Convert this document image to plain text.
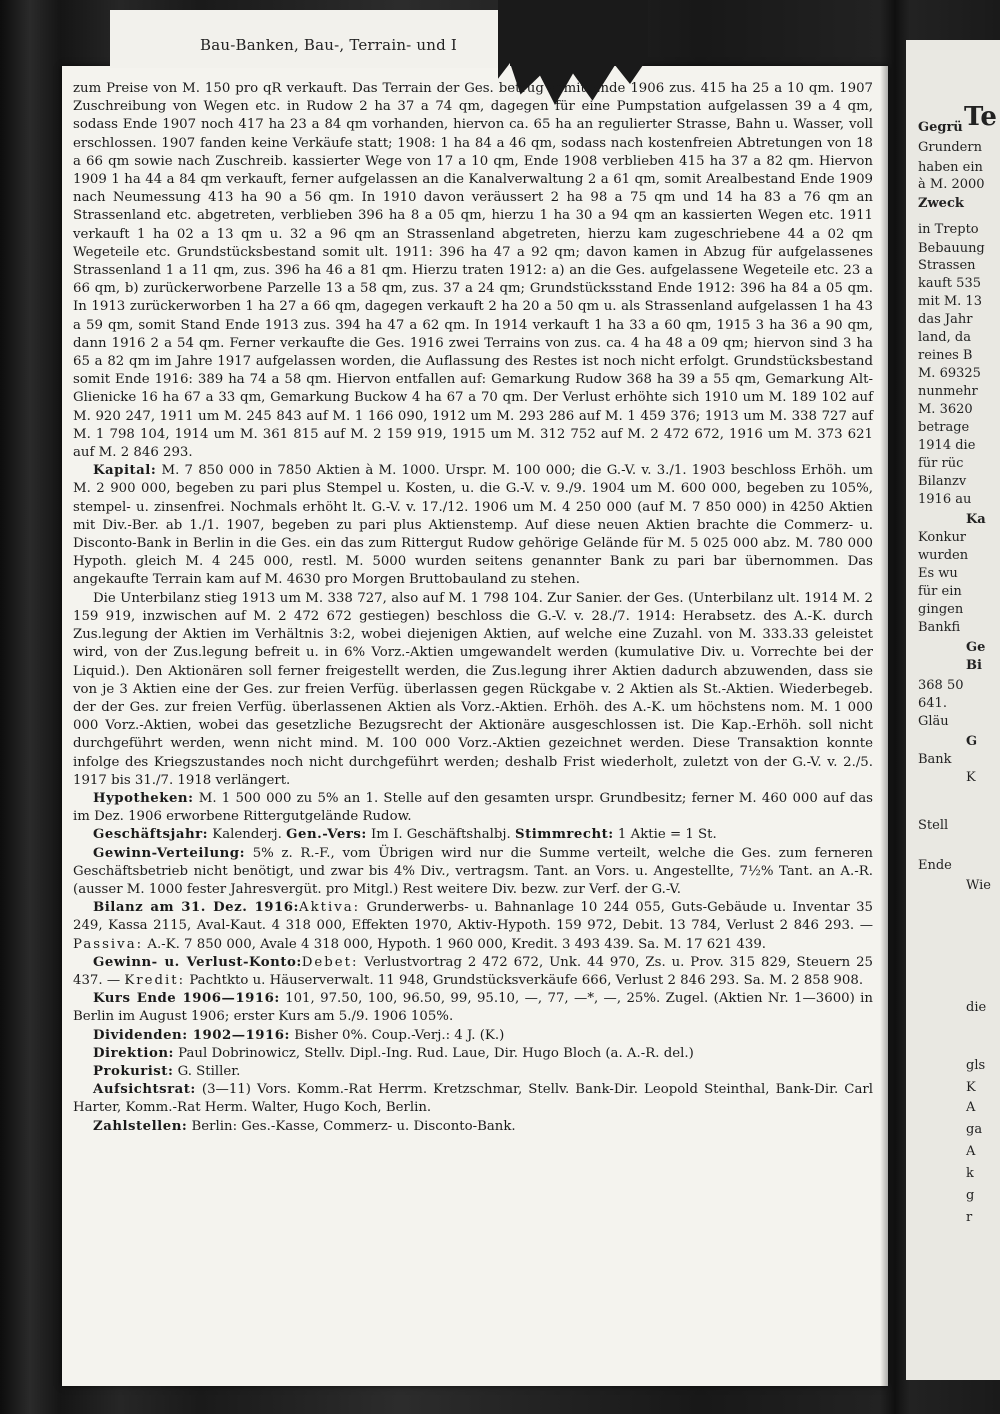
Bau-Banken, Bau-, Terrain- und I

zum Preise von M. 150 pro qR verkauft. Das Terrain der Ges. betrug somit Ende 1906 zus. 415 ha 25 a 10 qm. 1907 Zuschreibung von Wegen etc. in Rudow 2 ha 37 a 74 qm, dagegen für eine Pumpstation aufgelassen 39 a 4 qm, sodass Ende 1907 noch 417 ha 23 a 84 qm vorhanden, hiervon ca. 65 ha an regulierter Strasse, Bahn u. Wasser, voll erschlossen. 1907 fanden keine Verkäufe statt; 1908: 1 ha 84 a 46 qm, sodass nach kostenfreien Abtretungen von 18 a 66 qm sowie nach Zuschreib. kassierter Wege von 17 a 10 qm, Ende 1908 verblieben 415 ha 37 a 82 qm. Hiervon 1909 1 ha 44 a 84 qm verkauft, ferner aufgelassen an die Kanalverwaltung 2 a 61 qm, somit Arealbestand Ende 1909 nach Neumessung 413 ha 90 a 56 qm. In 1910 davon veräussert 2 ha 98 a 75 qm und 14 ha 83 a 76 qm an Strassenland etc. abgetreten, verblieben 396 ha 8 a 05 qm, hierzu 1 ha 30 a 94 qm an kassierten Wegen etc. 1911 verkauft 1 ha 02 a 13 qm u. 32 a 96 qm an Strassenland abgetreten, hierzu kam zugeschriebene 44 a 02 qm Wegeteile etc. Grundstücksbestand somit ult. 1911: 396 ha 47 a 92 qm; davon kamen in Abzug für aufgelassenes Strassenland 1 a 11 qm, zus. 396 ha 46 a 81 qm. Hierzu traten 1912: a) an die Ges. aufgelassene Wegeteile etc. 23 a 66 qm, b) zurückerworbene Parzelle 13 a 58 qm, zus. 37 a 24 qm; Grundstücksstand Ende 1912: 396 ha 84 a 05 qm. In 1913 zurückerworben 1 ha 27 a 66 qm, dagegen verkauft 2 ha 20 a 50 qm u. als Strassenland aufgelassen 1 ha 43 a 59 qm, somit Stand Ende 1913 zus. 394 ha 47 a 62 qm. In 1914 verkauft 1 ha 33 a 60 qm, 1915 3 ha 36 a 90 qm, dann 1916 2 a 54 qm. Ferner verkaufte die Ges. 1916 zwei Terrains von zus. ca. 4 ha 48 a 09 qm; hiervon sind 3 ha 65 a 82 qm im Jahre 1917 aufgelassen worden, die Auflassung des Restes ist noch nicht erfolgt. Grundstücksbestand somit Ende 1916: 389 ha 74 a 58 qm. Hiervon entfallen auf: Gemarkung Rudow 368 ha 39 a 55 qm, Gemarkung Alt-Glienicke 16 ha 67 a 33 qm, Gemarkung Buckow 4 ha 67 a 70 qm. Der Verlust erhöhte sich 1910 um M. 189 102 auf M. 920 247, 1911 um M. 245 843 auf M. 1 166 090, 1912 um M. 293 286 auf M. 1 459 376; 1913 um M. 338 727 auf M. 1 798 104, 1914 um M. 361 815 auf M. 2 159 919, 1915 um M. 312 752 auf M. 2 472 672, 1916 um M. 373 621 auf M. 2 846 293.

Kapital: M. 7 850 000 in 7850 Aktien à M. 1000. Urspr. M. 100 000; die G.-V. v. 3./1. 1903 beschloss Erhöh. um M. 2 900 000, begeben zu pari plus Stempel u. Kosten, u. die G.-V. v. 9./9. 1904 um M. 600 000, begeben zu 105%, stempel- u. zinsenfrei. Nochmals erhöht lt. G.-V. v. 17./12. 1906 um M. 4 250 000 (auf M. 7 850 000) in 4250 Aktien mit Div.-Ber. ab 1./1. 1907, begeben zu pari plus Aktienstemp. Auf diese neuen Aktien brachte die Commerz- u. Disconto-Bank in Berlin in die Ges. ein das zum Rittergut Rudow gehörige Gelände für M. 5 025 000 abz. M. 780 000 Hypoth. gleich M. 4 245 000, restl. M. 5000 wurden seitens genannter Bank zu pari bar übernommen. Das angekaufte Terrain kam auf M. 4630 pro Morgen Bruttobauland zu stehen.

Die Unterbilanz stieg 1913 um M. 338 727, also auf M. 1 798 104. Zur Sanier. der Ges. (Unterbilanz ult. 1914 M. 2 159 919, inzwischen auf M. 2 472 672 gestiegen) beschloss die G.-V. v. 28./7. 1914: Herabsetz. des A.-K. durch Zus.legung der Aktien im Verhältnis 3:2, wobei diejenigen Aktien, auf welche eine Zuzahl. von M. 333.33 geleistet wird, von der Zus.legung befreit u. in 6% Vorz.-Aktien umgewandelt werden (kumulative Div. u. Vorrechte bei der Liquid.). Den Aktionären soll ferner freigestellt werden, die Zus.legung ihrer Aktien dadurch abzuwenden, dass sie von je 3 Aktien eine der Ges. zur freien Verfüg. überlassen gegen Rückgabe v. 2 Aktien als St.-Aktien. Wiederbegeb. der der Ges. zur freien Verfüg. überlassenen Aktien als Vorz.-Aktien. Erhöh. des A.-K. um höchstens nom. M. 1 000 000 Vorz.-Aktien, wobei das gesetzliche Bezugsrecht der Aktionäre ausgeschlossen ist. Die Kap.-Erhöh. soll nicht durchgeführt werden, wenn nicht mind. M. 100 000 Vorz.-Aktien gezeichnet werden. Diese Transaktion konnte infolge des Kriegszustandes noch nicht durchgeführt werden; deshalb Frist wiederholt, zuletzt von der G.-V. v. 2./5. 1917 bis 31./7. 1918 verlängert.

Hypotheken: M. 1 500 000 zu 5% an 1. Stelle auf den gesamten urspr. Grundbesitz; ferner M. 460 000 auf das im Dez. 1906 erworbene Rittergutgelände Rudow.

Geschäftsjahr: Kalenderj. Gen.-Vers: Im I. Geschäftshalbj. Stimmrecht: 1 Aktie = 1 St.

Gewinn-Verteilung: 5% z. R.-F., vom Übrigen wird nur die Summe verteilt, welche die Ges. zum ferneren Geschäftsbetrieb nicht benötigt, und zwar bis 4% Div., vertragsm. Tant. an Vors. u. Angestellte, 7½% Tant. an A.-R. (ausser M. 1000 fester Jahresvergüt. pro Mitgl.) Rest weitere Div. bezw. zur Verf. der G.-V.

Bilanz am 31. Dez. 1916:Aktiva: Grunderwerbs- u. Bahnanlage 10 244 055, Guts-Gebäude u. Inventar 35 249, Kassa 2115, Aval-Kaut. 4 318 000, Effekten 1970, Aktiv-Hypoth. 159 972, Debit. 13 784, Verlust 2 846 293. — Passiva: A.-K. 7 850 000, Avale 4 318 000, Hypoth. 1 960 000, Kredit. 3 493 439. Sa. M. 17 621 439.

Gewinn- u. Verlust-Konto:Debet: Verlustvortrag 2 472 672, Unk. 44 970, Zs. u. Prov. 315 829, Steuern 25 437. — Kredit: Pachtkto u. Häuserverwalt. 11 948, Grundstücksverkäufe 666, Verlust 2 846 293. Sa. M. 2 858 908.

Kurs Ende 1906—1916: 101, 97.50, 100, 96.50, 99, 95.10, —, 77, —*, —, 25%. Zugel. (Aktien Nr. 1—3600) in Berlin im August 1906; erster Kurs am 5./9. 1906 105%.

Dividenden: 1902—1916: Bisher 0%. Coup.-Verj.: 4 J. (K.)

Direktion: Paul Dobrinowicz, Stellv. Dipl.-Ing. Rud. Laue, Dir. Hugo Bloch (a. A.-R. del.)

Prokurist: G. Stiller.

Aufsichtsrat: (3—11) Vors. Komm.-Rat Herrm. Kretzschmar, Stellv. Bank-Dir. Leopold Steinthal, Bank-Dir. Carl Harter, Komm.-Rat Herm. Walter, Hugo Koch, Berlin.

Zahlstellen: Berlin: Ges.-Kasse, Commerz- u. Disconto-Bank.

Te
Gegrü
Grundern
haben ein
à M. 2000
Zweck
in Trepto
Bebauung
Strassen
kauft 535
mit M. 13
das Jahr
land, da
reines B
M. 69325
nunmehr
M. 3620
betrage
1914 die
für rüc
Bilanzv
1916 au
Ka
Konkur
wurden
Es wu
für ein
gingen
Bankfi
Ge
Bi
368 50
641.
Gläu
G
Bank
K
Stell
Ende
Wie
die
gls
K
A
ga
A
k
g
r
